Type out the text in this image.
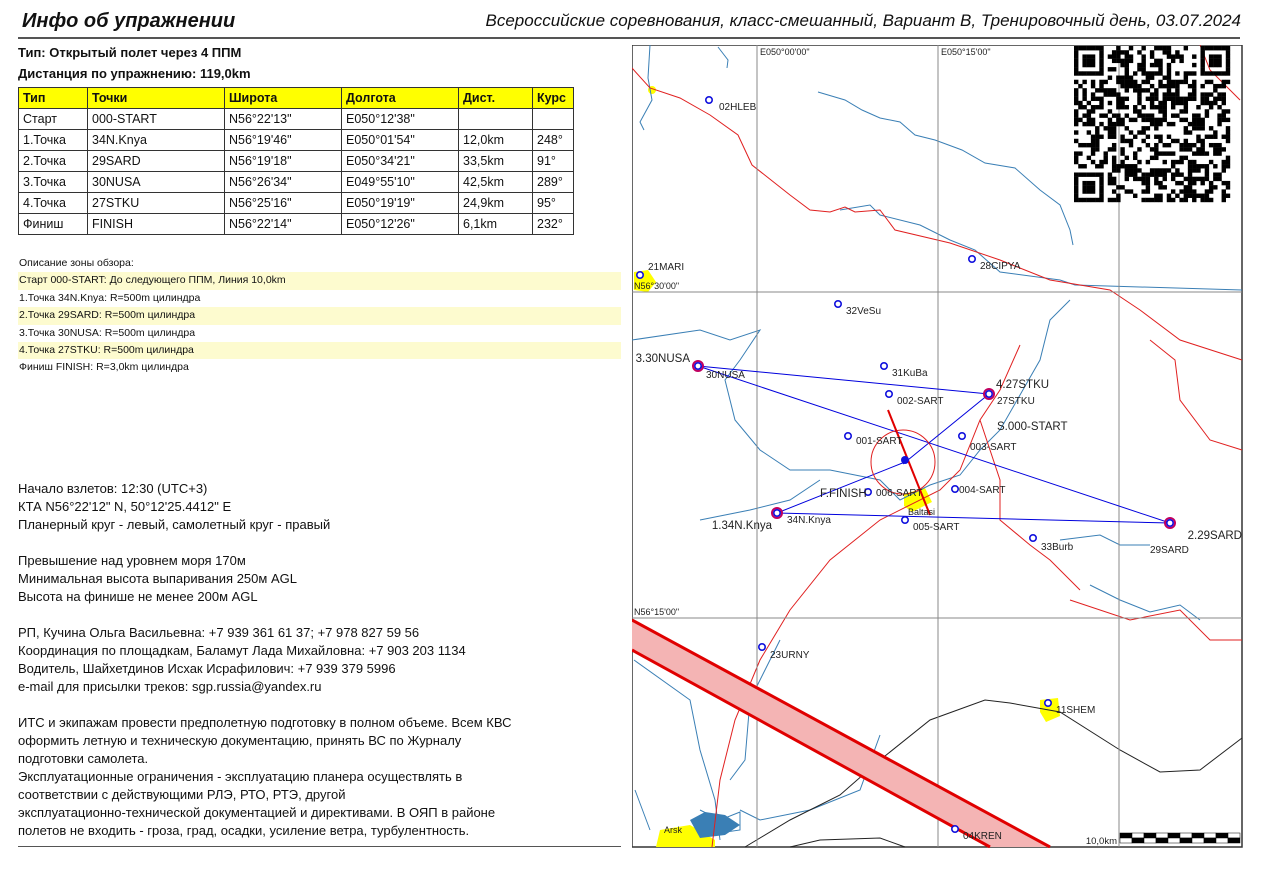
Инфо об упражнении	Всероссийские соревнования, класс-смешанный, Вариант В, Тренировочный день, 03.07.2024
Тип: Открытый полет через 4 ППМ
Дистанция по упражнению: 119,0km
Тип	Точки	Широта	Долгота	Дист.	Курс
Старт	000-START	N56°22'13"	E050°12'38"		
1.Точка	34N.Knya	N56°19'46"	E050°01'54"	12,0km	248°
2.Точка	29SARD	N56°19'18"	E050°34'21"	33,5km	91°
3.Точка	30NUSA	N56°26'34"	E049°55'10"	42,5km	289°
4.Точка	27STKU	N56°25'16"	E050°19'19"	24,9km	95°
Финиш	FINISH	N56°22'14"	E050°12'26"	6,1km	232°
Описание зоны обзора:
Старт 000-START: До следующего ППМ, Линия 10,0km
1.Точка 34N.Knya: R=500m цилиндра
2.Точка 29SARD: R=500m цилиндра
3.Точка 30NUSA: R=500m цилиндра
4.Точка 27STKU: R=500m цилиндра
Финиш FINISH: R=3,0km цилиндра
Начало взлетов: 12:30 (UTC+3)
КТА N56°22'12" N, 50°12'25.4412" E
Планерный круг - левый, самолетный круг - правый
Превышение над уровнем моря 170м
Минимальная высота выпаривания 250м AGL
Высота на финише не менее 200м AGL
РП, Кучина Ольга Васильевна: +7 939 361 61 37; +7 978 827 59 56
Координация по площадкам, Баламут Лада Михайловна: +7 903 203 1134
Водитель, Шайхетдинов Исхак Исрафилович: +7 939 379 5996
e-mail для присылки треков: sgp.russia@yandex.ru
ИТС и экипажам провести предполетную подготовку в полном объеме. Всем КВС
оформить летную и техническую документацию, принять ВС по Журналу
подготовки самолета.
Эксплуатационные ограничения - эксплуатацию планера осуществлять в
соответствии с действующими РЛЭ, РТО, РТЭ, другой
эксплуатационно-технической документацией и директивами. В ОЯП в районе
полетов не входить - гроза, град, осадки, усиление ветра, турбулентность.
E050°00'00"	E050°15'00"
N56°30'00"
N56°15'00"
02HLEB
21MARI	28CIPYA
32VeSu
31KuBa
30NUSA
002-SART	27STKU
001-SART
003-SART
004-SART
006-SART
34N.Knya
005-SART
29SARD
33Burb
23URNY
11SHEM
04KREN
S.000-START
1.34N.Knya
2.29SARD
3.30NUSA
4.27STKU
F.FINISH
Baltasi
Arsk
10,0km
